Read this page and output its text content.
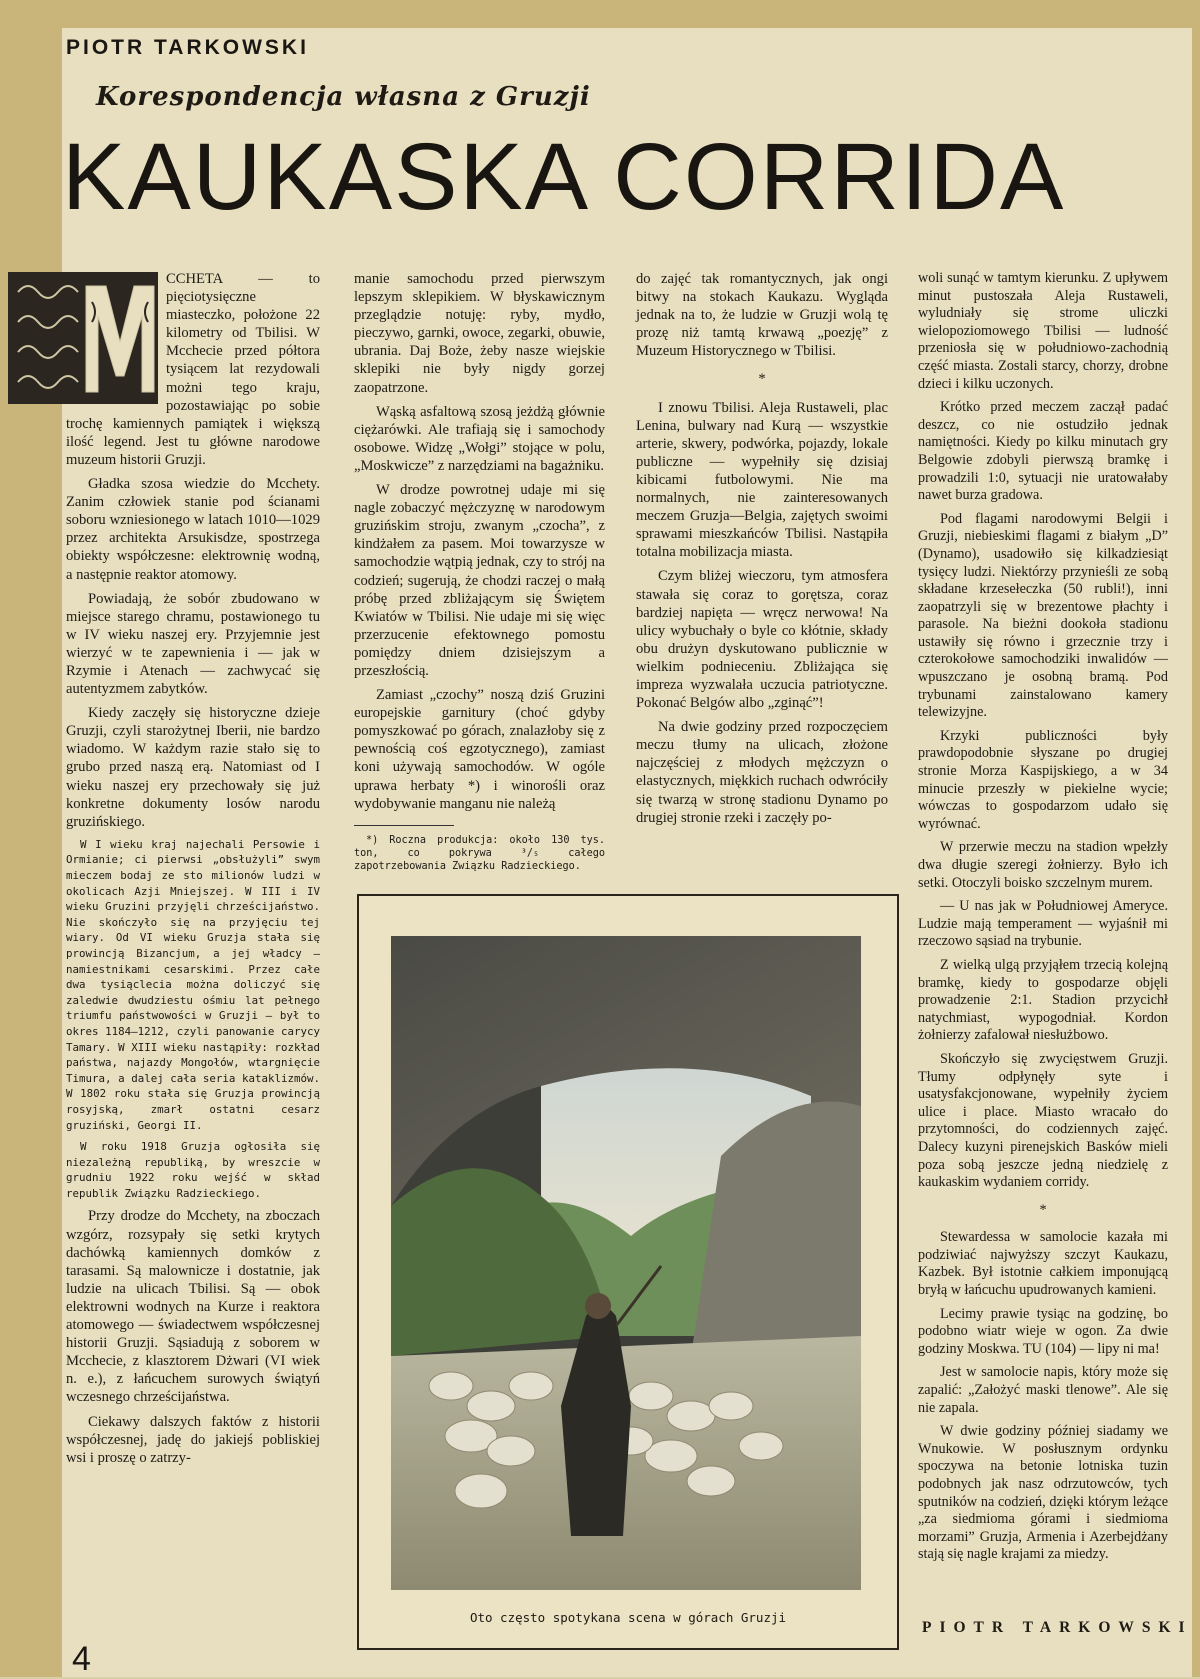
PIOTR TARKOWSKI
Korespondencja własna z Gruzji
KAUKASKA CORRIDA

CCHETA — to pięciotysięczne miasteczko, położone 22 kilometry od Tbilisi. W Mcchecie przed półtora tysiącem lat rezydowali możni tego kraju, pozostawiając po sobie trochę kamiennych pamiątek i większą ilość legend. Jest tu główne narodowe muzeum historii Gruzji.

Gładka szosa wiedzie do Mcchety. Zanim człowiek stanie pod ścianami soboru wzniesionego w latach 1010—1029 przez architekta Arsukisdze, spostrzega obiekty współczesne: elektrownię wodną, a następnie reaktor atomowy.

Powiadają, że sobór zbudowano w miejsce starego chramu, postawionego tu w IV wieku naszej ery. Przyjemnie jest wierzyć w te zapewnienia i — jak w Rzymie i Atenach — zachwycać się autentyzmem zabytków.

Kiedy zaczęły się historyczne dzieje Gruzji, czyli starożytnej Iberii, nie bardzo wiadomo. W każdym razie stało się to grubo przed naszą erą. Natomiast od I wieku naszej ery przechowały się już konkretne dokumenty losów narodu gruzińskiego.

W I wieku kraj najechali Persowie i Ormianie; ci pierwsi „obsłużyli” swym mieczem bodaj ze sto milionów ludzi w okolicach Azji Mniejszej. W III i IV wieku Gruzini przyjęli chrześcijaństwo. Nie skończyło się na przyjęciu tej wiary. Od VI wieku Gruzja stała się prowincją Bizancjum, a jej władcy — namiestnikami cesarskimi. Przez całe dwa tysiąclecia można doliczyć się zaledwie dwudziestu ośmiu lat pełnego triumfu państwowości w Gruzji — był to okres 1184—1212, czyli panowanie carycy Tamary. W XIII wieku nastąpiły: rozkład państwa, najazdy Mongołów, wtargnięcie Timura, a dalej cała seria kataklizmów. W 1802 roku stała się Gruzja prowincją rosyjską, zmarł ostatni cesarz gruziński, Georgi II.

W roku 1918 Gruzja ogłosiła się niezależną republiką, by wreszcie w grudniu 1922 roku wejść w skład republik Związku Radzieckiego.

Przy drodze do Mcchety, na zboczach wzgórz, rozsypały się setki krytych dachówką kamiennych domków z tarasami. Są malownicze i dostatnie, jak ludzie na ulicach Tbilisi. Są — obok elektrowni wodnych na Kurze i reaktora atomowego — świadectwem współczesnej historii Gruzji. Sąsiadują z soborem w Mcchecie, z klasztorem Dżwari (VI wiek n. e.), z łańcuchem surowych świątyń wczesnego chrześcijaństwa.

Ciekawy dalszych faktów z historii współczesnej, jadę do jakiejś pobliskiej wsi i proszę o zatrzy-

manie samochodu przed pierwszym lepszym sklepikiem. W błyskawicznym przeglądzie notuję: ryby, mydło, pieczywo, garnki, owoce, zegarki, obuwie, ubrania. Daj Boże, żeby nasze wiejskie sklepiki nie były nigdy gorzej zaopatrzone.

Wąską asfaltową szosą jeżdżą głównie ciężarówki. Ale trafiają się i samochody osobowe. Widzę „Wołgi” stojące w polu, „Moskwicze” z narzędziami na bagażniku.

W drodze powrotnej udaje mi się nagle zobaczyć mężczyznę w narodowym gruzińskim stroju, zwanym „czocha”, z kindżałem za pasem. Moi towarzysze w samochodzie wątpią jednak, czy to strój na codzień; sugerują, że chodzi raczej o małą próbę przed zbliżającym się Świętem Kwiatów w Tbilisi. Nie udaje mi się więc przerzucenie efektownego pomostu pomiędzy dniem dzisiejszym a przeszłością.

Zamiast „czochy” noszą dziś Gruzini europejskie garnitury (choć gdyby pomyszkować po górach, znalazłoby się z pewnością coś egzotycznego), zamiast koni używają samochodów. W ogóle uprawa herbaty *) i winorośli oraz wydobywanie manganu nie należą

*) Roczna produkcja: około 130 tys. ton, co pokrywa ³/₅ całego zapotrzebowania Związku Radzieckiego.

do zajęć tak romantycznych, jak ongi bitwy na stokach Kaukazu. Wygląda jednak na to, że ludzie w Gruzji wolą tę prozę niż tamtą krwawą „poezję” z Muzeum Historycznego w Tbilisi.

*

I znowu Tbilisi. Aleja Rustaweli, plac Lenina, bulwary nad Kurą — wszystkie arterie, skwery, podwórka, pojazdy, lokale publiczne — wypełniły się dzisiaj kibicami futbolowymi. Nie ma normalnych, nie zainteresowanych meczem Gruzja—Belgia, zajętych swoimi sprawami mieszkańców Tbilisi. Nastąpiła totalna mobilizacja miasta.

Czym bliżej wieczoru, tym atmosfera stawała się coraz to gorętsza, coraz bardziej napięta — wręcz nerwowa! Na ulicy wybuchały o byle co kłótnie, składy obu drużyn dyskutowano publicznie w wielkim podnieceniu. Zbliżająca się impreza wyzwalała uczucia patriotyczne. Pokonać Belgów albo „zginąć”!

Na dwie godziny przed rozpoczęciem meczu tłumy na ulicach, złożone najczęściej z młodych mężczyzn o elastycznych, miękkich ruchach odwróciły się twarzą w stronę stadionu Dynamo po drugiej stronie rzeki i zaczęły po-

woli sunąć w tamtym kierunku. Z upływem minut pustoszała Aleja Rustaweli, wyludniały się strome uliczki wielopoziomowego Tbilisi — ludność przeniosła się w południowo-zachodnią część miasta. Zostali starcy, chorzy, drobne dzieci i kilku uczonych.

Krótko przed meczem zaczął padać deszcz, co nie ostudziło jednak namiętności. Kiedy po kilku minutach gry Belgowie zdobyli pierwszą bramkę i prowadzili 1:0, sytuacji nie uratowałaby nawet burza gradowa.

Pod flagami narodowymi Belgii i Gruzji, niebieskimi flagami z białym „D” (Dynamo), usadowiło się kilkadziesiąt tysięcy ludzi. Niektórzy przynieśli ze sobą składane krzesełeczka (50 rubli!), inni zaopatrzyli się w brezentowe płachty i parasole. Na bieżni dookoła stadionu ustawiły się równo i grzecznie trzy i czterokołowe samochodziki inwalidów — wpuszczano je osobną bramą. Pod trybunami zainstalowano kamery telewizyjne.

Krzyki publiczności były prawdopodobnie słyszane po drugiej stronie Morza Kaspijskiego, a w 34 minucie przeszły w piekielne wycie; wówczas to gospodarzom udało się wyrównać.

W przerwie meczu na stadion wpełzły dwa długie szeregi żołnierzy. Było ich setki. Otoczyli boisko szczelnym murem.

— U nas jak w Południowej Ameryce. Ludzie mają temperament — wyjaśnił mi rzeczowo sąsiad na trybunie.

Z wielką ulgą przyjąłem trzecią kolejną bramkę, kiedy to gospodarze objęli prowadzenie 2:1. Stadion przycichł natychmiast, wypogodniał. Kordon żołnierzy zafalował niesłużbowo.

Skończyło się zwycięstwem Gruzji. Tłumy odpłynęły syte i usatysfakcjonowane, wypełniły życiem ulice i place. Miasto wracało do przytomności, do codziennych zajęć. Dalecy kuzyni pirenejskich Basków mieli poza sobą jeszcze jedną niedzielę z kaukaskim wydaniem corridy.

*

Stewardessa w samolocie kazała mi podziwiać najwyższy szczyt Kaukazu, Kazbek. Był istotnie całkiem imponującą bryłą w łańcuchu upudrowanych kamieni.

Lecimy prawie tysiąc na godzinę, bo podobno wiatr wieje w ogon. Za dwie godziny Moskwa. TU (104) — lipy ni ma!

Jest w samolocie napis, który może się zapalić: „Założyć maski tlenowe”. Ale się nie zapala.

W dwie godziny później siadamy we Wnukowie. W posłusznym ordynku spoczywa na betonie lotniska tuzin podobnych jak nasz odrzutowców, tych sputników na codzień, dzięki którym leżące „za siedmioma górami i siedmioma morzami” Gruzja, Armenia i Azerbejdżany stają się nagle krajami za miedzy.

Oto często spotykana scena w górach Gruzji
PIOTR TARKOWSKI
4
